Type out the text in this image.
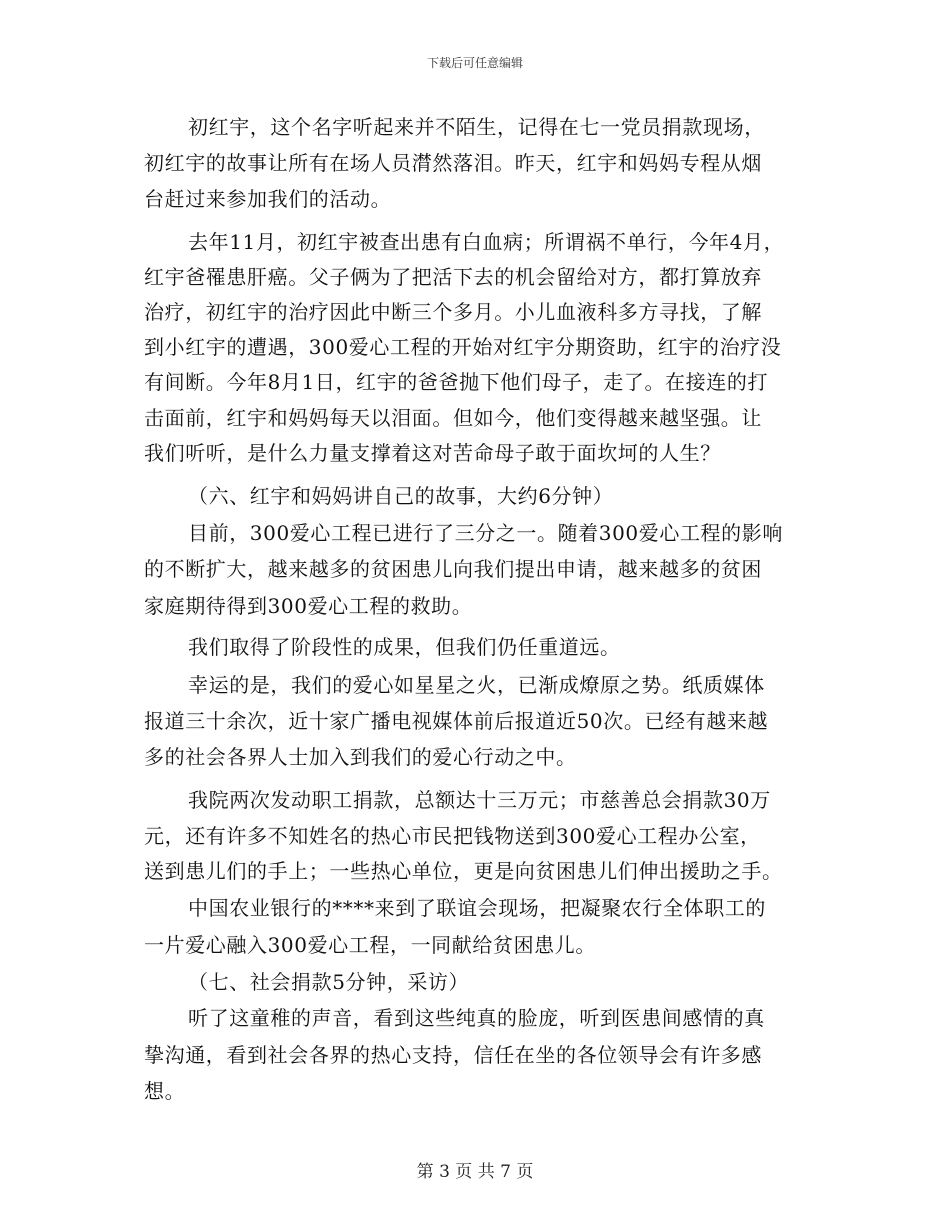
下载后可任意编辑
初红宇，这个名字听起来并不陌生，记得在七一党员捐款现场，
初红宇的故事让所有在场人员潸然落泪。昨天，红宇和妈妈专程从烟
台赶过来参加我们的活动。
去年11月，初红宇被查出患有白血病；所谓祸不单行，今年4月，
红宇爸罹患肝癌。父子俩为了把活下去的机会留给对方，都打算放弃
治疗，初红宇的治疗因此中断三个多月。小儿血液科多方寻找，了解
到小红宇的遭遇，300爱心工程的开始对红宇分期资助，红宇的治疗没
有间断。今年8月1日，红宇的爸爸抛下他们母子，走了。在接连的打
击面前，红宇和妈妈每天以泪面。但如今，他们变得越来越坚强。让
我们听听，是什么力量支撑着这对苦命母子敢于面坎坷的人生？
（六、红宇和妈妈讲自己的故事，大约6分钟）
目前，300爱心工程已进行了三分之一。随着300爱心工程的影响
的不断扩大，越来越多的贫困患儿向我们提出申请，越来越多的贫困
家庭期待得到300爱心工程的救助。
我们取得了阶段性的成果，但我们仍任重道远。
幸运的是，我们的爱心如星星之火，已渐成燎原之势。纸质媒体
报道三十余次，近十家广播电视媒体前后报道近50次。已经有越来越
多的社会各界人士加入到我们的爱心行动之中。
我院两次发动职工捐款，总额达十三万元；市慈善总会捐款30万
元，还有许多不知姓名的热心市民把钱物送到300爱心工程办公室，
送到患儿们的手上；一些热心单位，更是向贫困患儿们伸出援助之手。
中国农业银行的****来到了联谊会现场，把凝聚农行全体职工的
一片爱心融入300爱心工程，一同献给贫困患儿。
（七、社会捐款5分钟，采访）
听了这童稚的声音，看到这些纯真的脸庞，听到医患间感情的真
挚沟通，看到社会各界的热心支持，信任在坐的各位领导会有许多感
想。
第 3 页 共 7 页
